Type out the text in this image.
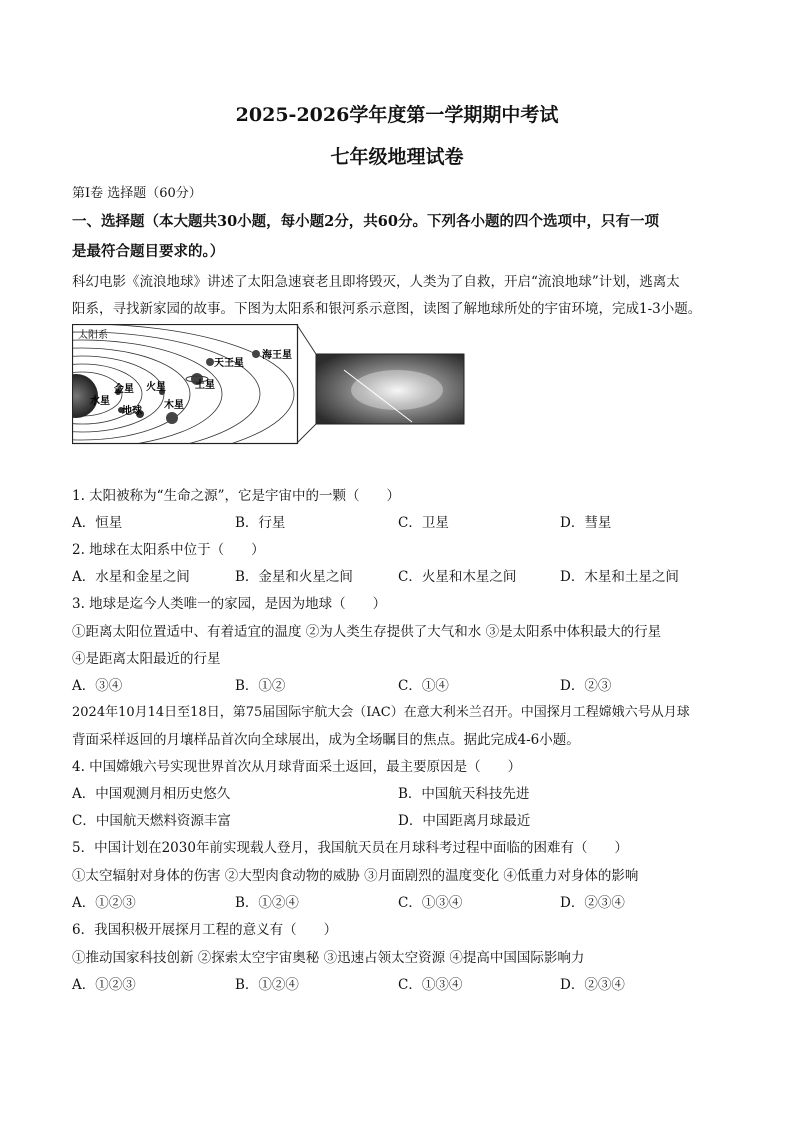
2025-2026学年度第一学期期中考试
七年级地理试卷
第Ⅰ卷 选择题（60分）
一、选择题（本大题共30小题，每小题2分，共60分。下列各小题的四个选项中，只有一项
是最符合题目要求的。）
科幻电影《流浪地球》讲述了太阳急速衰老且即将毁灭，人类为了自救，开启“流浪地球”计划，逃离太
阳系，寻找新家园的故事。下图为太阳系和银河系示意图，读图了解地球所处的宇宙环境，完成1-3小题。
太阳系
天王星
海王星
土星
金星 火星
水星
地球
木星
1. 太阳被称为“生命之源”，它是宇宙中的一颗（　　）
A．恒星	B．行星	C．卫星	D．彗星
2. 地球在太阳系中位于（　　）
A．水星和金星之间	B．金星和火星之间	C．火星和木星之间	D．木星和土星之间
3. 地球是迄今人类唯一的家园，是因为地球（　　）
①距离太阳位置适中、有着适宜的温度 ②为人类生存提供了大气和水 ③是太阳系中体积最大的行星
④是距离太阳最近的行星
A．③④	B．①②	C．①④	D．②③
2024年10月14日至18日，第75届国际宇航大会（IAC）在意大利米兰召开。中国探月工程嫦娥六号从月球
背面采样返回的月壤样品首次向全球展出，成为全场瞩目的焦点。据此完成4-6小题。
4. 中国嫦娥六号实现世界首次从月球背面采土返回，最主要原因是（　　）
A．中国观测月相历史悠久	B．中国航天科技先进
C．中国航天燃料资源丰富	D．中国距离月球最近
5．中国计划在2030年前实现载人登月，我国航天员在月球科考过程中面临的困难有（　　）
①太空辐射对身体的伤害 ②大型肉食动物的威胁 ③月面剧烈的温度变化 ④低重力对身体的影响
A．①②③	B．①②④	C．①③④	D．②③④
6．我国积极开展探月工程的意义有（　　）
①推动国家科技创新 ②探索太空宇宙奥秘 ③迅速占领太空资源 ④提高中国国际影响力
A．①②③	B．①②④	C．①③④	D．②③④
